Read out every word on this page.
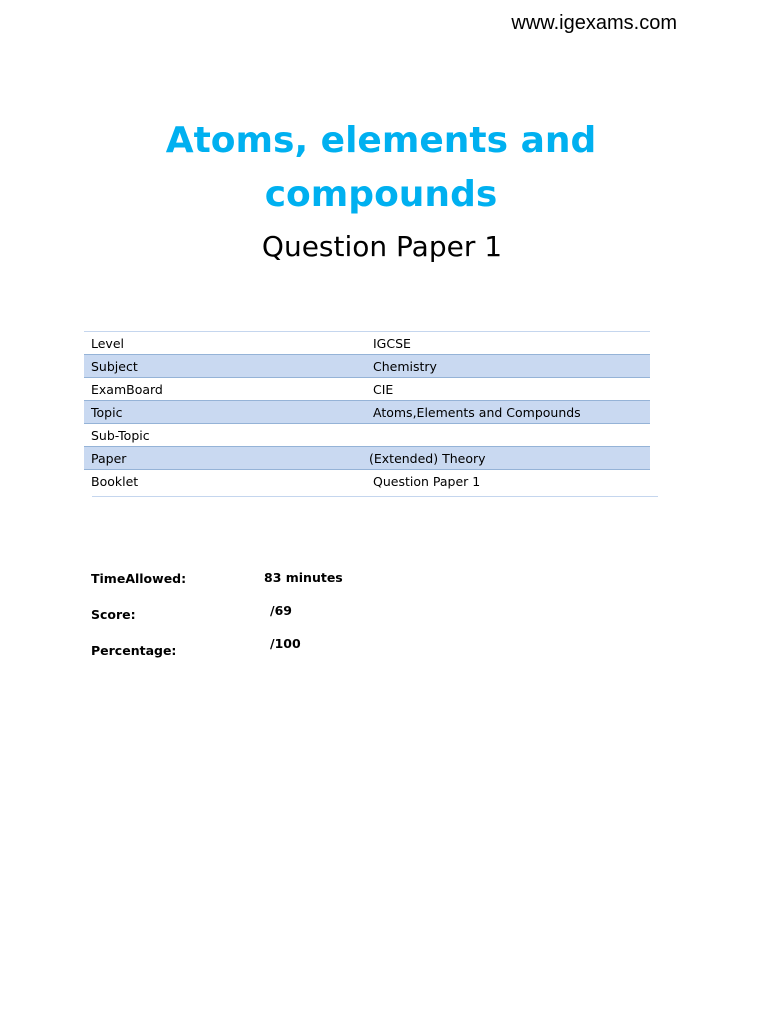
www.igexams.com
Atoms, elements and
compounds
Question Paper 1
Level	IGCSE
Subject	Chemistry
ExamBoard	CIE
Topic	Atoms,Elements and Compounds
Sub-Topic	
Paper	(Extended) Theory
Booklet	Question Paper 1
TimeAllowed:	83 minutes
Score:	/69
Percentage:	/100
